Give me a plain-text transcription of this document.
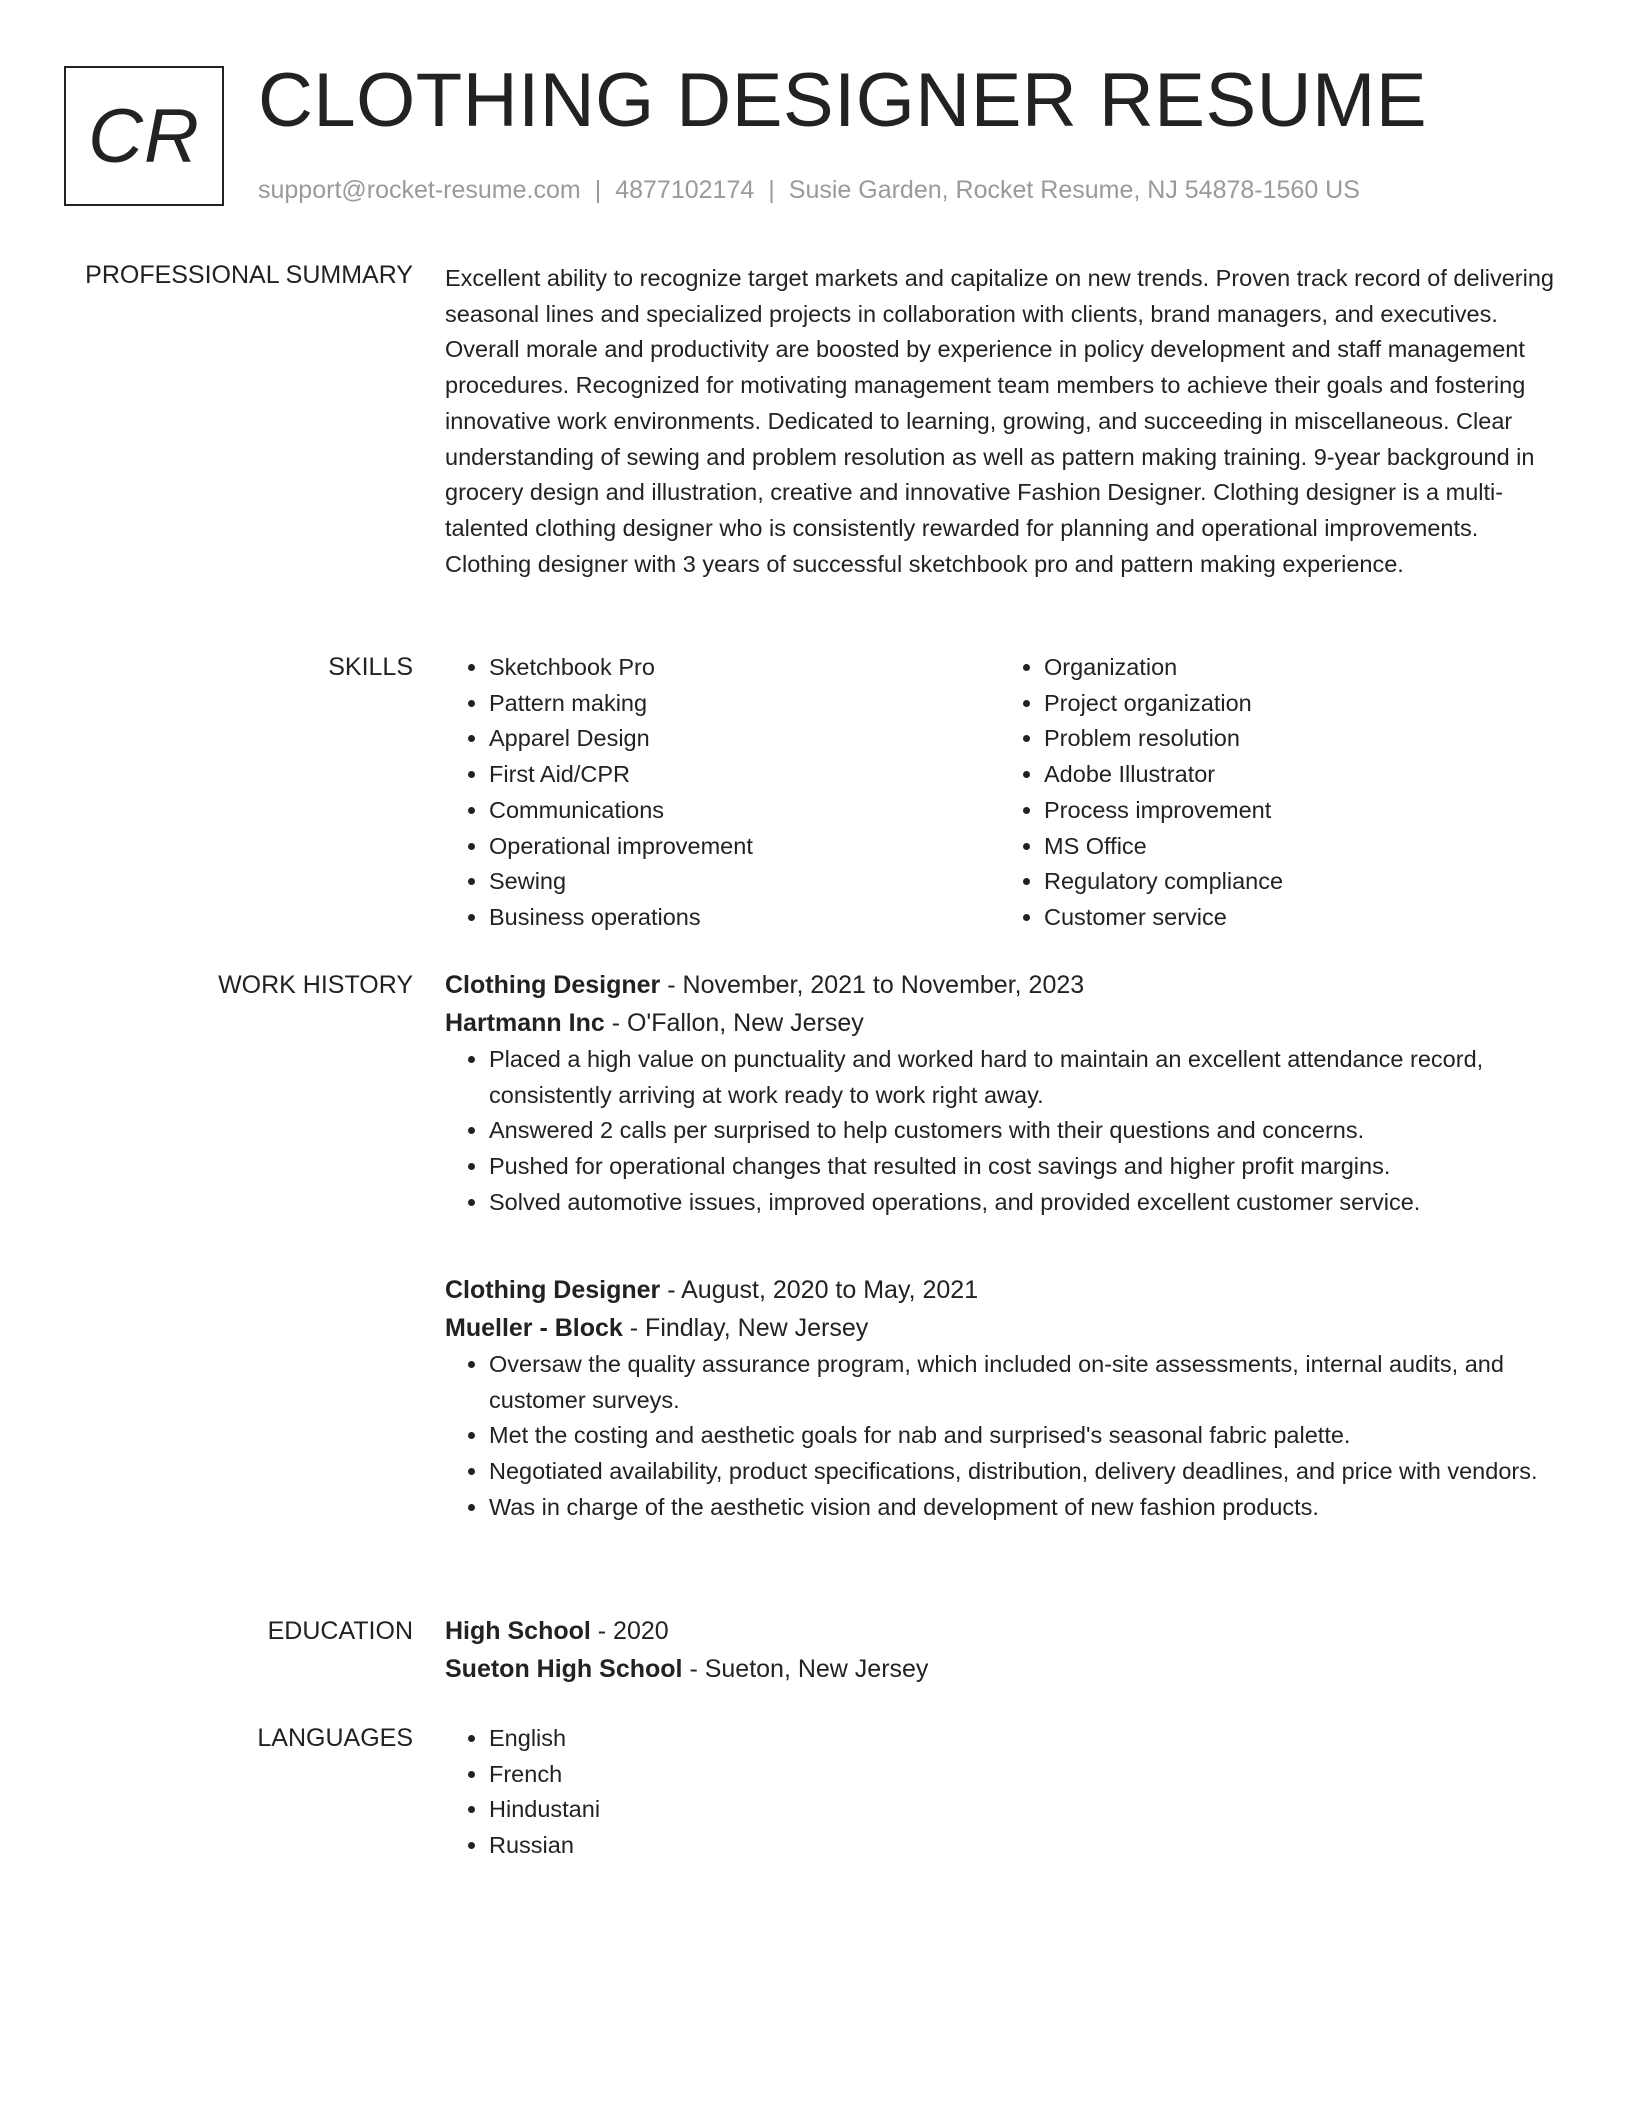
CR CLOTHING DESIGNER RESUME
support@rocket-resume.com | 4877102174 | Susie Garden, Rocket Resume, NJ 54878-1560 US
PROFESSIONAL SUMMARY Excellent ability to recognize target markets and capitalize on new trends. Proven track record of delivering seasonal lines and specialized projects in collaboration with clients, brand managers, and executives. Overall morale and productivity are boosted by experience in policy development and staff management procedures. Recognized for motivating management team members to achieve their goals and fostering innovative work environments. Dedicated to learning, growing, and succeeding in miscellaneous. Clear understanding of sewing and problem resolution as well as pattern making training. 9-year background in grocery design and illustration, creative and innovative Fashion Designer. Clothing designer is a multi-talented clothing designer who is consistently rewarded for planning and operational improvements. Clothing designer with 3 years of successful sketchbook pro and pattern making experience.

SKILLS	• Sketchbook Pro
• Pattern making
• Apparel Design
• First Aid/CPR
• Communications
• Operational improvement
• Sewing
• Business operations
• Organization
• Project organization
• Problem resolution
• Adobe Illustrator
• Process improvement
• MS Office
• Regulatory compliance
• Customer service
WORK HISTORY Clothing Designer - November, 2021 to November, 2023
Hartmann Inc - O'Fallon, New Jersey
• Placed a high value on punctuality and worked hard to maintain an excellent attendance record, consistently arriving at work ready to work right away.
• Answered 2 calls per surprised to help customers with their questions and concerns.
• Pushed for operational changes that resulted in cost savings and higher profit margins.
• Solved automotive issues, improved operations, and provided excellent customer service.
Clothing Designer - August, 2020 to May, 2021
Mueller - Block - Findlay, New Jersey
• Oversaw the quality assurance program, which included on-site assessments, internal audits, and customer surveys.
• Met the costing and aesthetic goals for nab and surprised's seasonal fabric palette.
• Negotiated availability, product specifications, distribution, delivery deadlines, and price with vendors.
• Was in charge of the aesthetic vision and development of new fashion products.
EDUCATION High School - 2020
Sueton High School - Sueton, New Jersey
LANGUAGES	• English
• French
• Hindustani
• Russian
